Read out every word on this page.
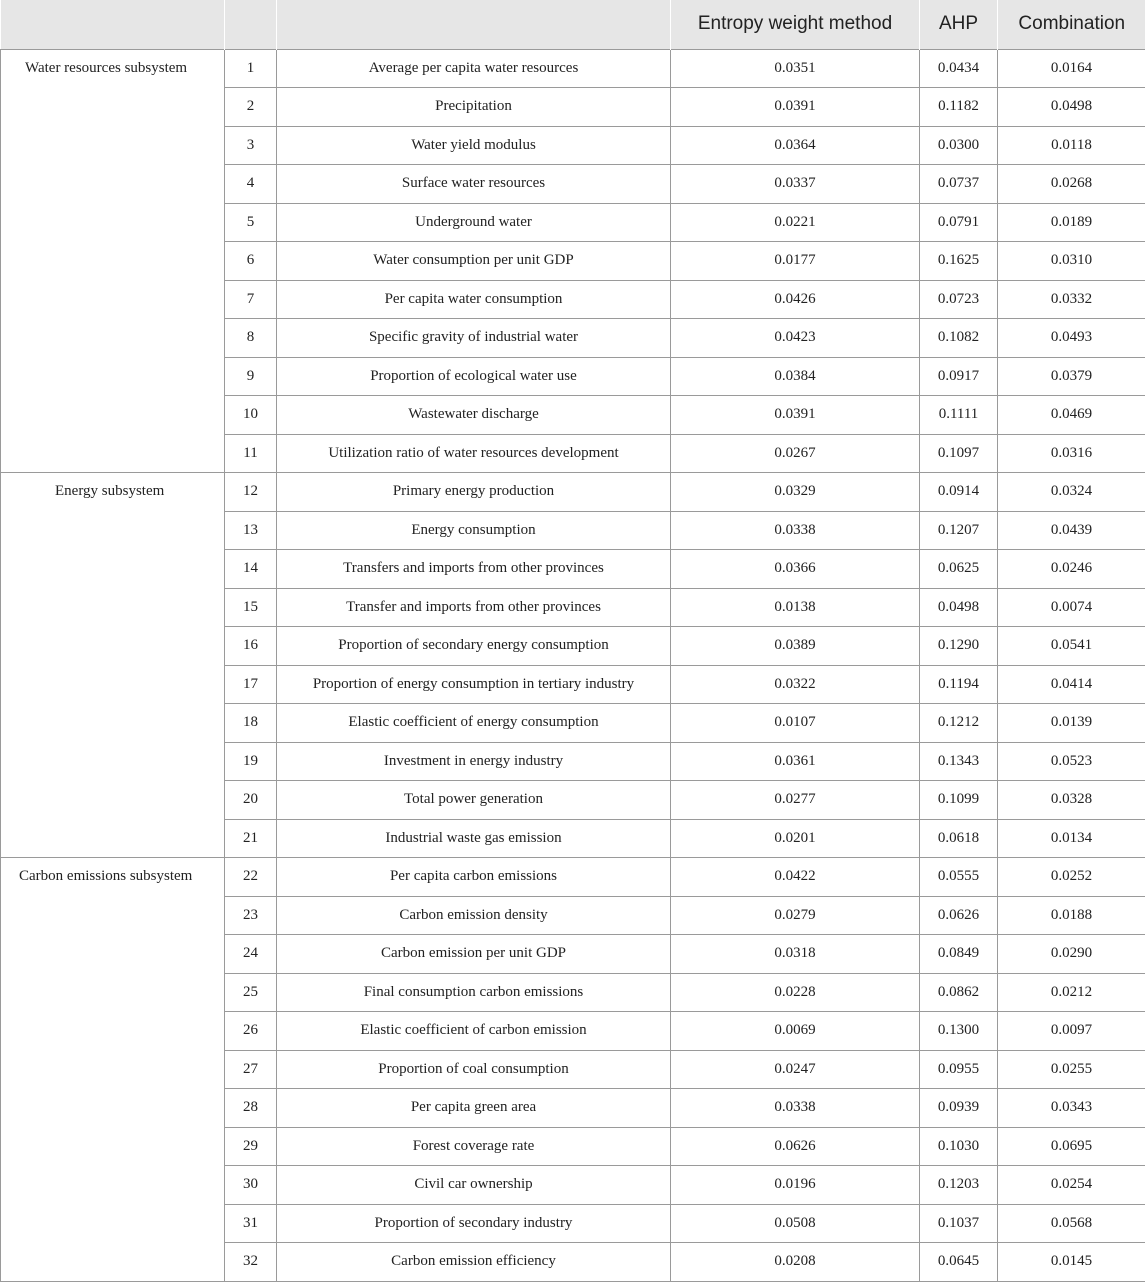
			Entropy weight method	AHP	Combination
Water resources subsystem	1	Average per capita water resources	0.0351	0.0434	0.0164
	2	Precipitation	0.0391	0.1182	0.0498
	3	Water yield modulus	0.0364	0.0300	0.0118
	4	Surface water resources	0.0337	0.0737	0.0268
	5	Underground water	0.0221	0.0791	0.0189
	6	Water consumption per unit GDP	0.0177	0.1625	0.0310
	7	Per capita water consumption	0.0426	0.0723	0.0332
	8	Specific gravity of industrial water	0.0423	0.1082	0.0493
	9	Proportion of ecological water use	0.0384	0.0917	0.0379
	10	Wastewater discharge	0.0391	0.1111	0.0469
	11	Utilization ratio of water resources development	0.0267	0.1097	0.0316
Energy subsystem	12	Primary energy production	0.0329	0.0914	0.0324
	13	Energy consumption	0.0338	0.1207	0.0439
	14	Transfers and imports from other provinces	0.0366	0.0625	0.0246
	15	Transfer and imports from other provinces	0.0138	0.0498	0.0074
	16	Proportion of secondary energy consumption	0.0389	0.1290	0.0541
	17	Proportion of energy consumption in tertiary industry	0.0322	0.1194	0.0414
	18	Elastic coefficient of energy consumption	0.0107	0.1212	0.0139
	19	Investment in energy industry	0.0361	0.1343	0.0523
	20	Total power generation	0.0277	0.1099	0.0328
	21	Industrial waste gas emission	0.0201	0.0618	0.0134
Carbon emissions subsystem	22	Per capita carbon emissions	0.0422	0.0555	0.0252
	23	Carbon emission density	0.0279	0.0626	0.0188
	24	Carbon emission per unit GDP	0.0318	0.0849	0.0290
	25	Final consumption carbon emissions	0.0228	0.0862	0.0212
	26	Elastic coefficient of carbon emission	0.0069	0.1300	0.0097
	27	Proportion of coal consumption	0.0247	0.0955	0.0255
	28	Per capita green area	0.0338	0.0939	0.0343
	29	Forest coverage rate	0.0626	0.1030	0.0695
	30	Civil car ownership	0.0196	0.1203	0.0254
	31	Proportion of secondary industry	0.0508	0.1037	0.0568
	32	Carbon emission efficiency	0.0208	0.0645	0.0145
